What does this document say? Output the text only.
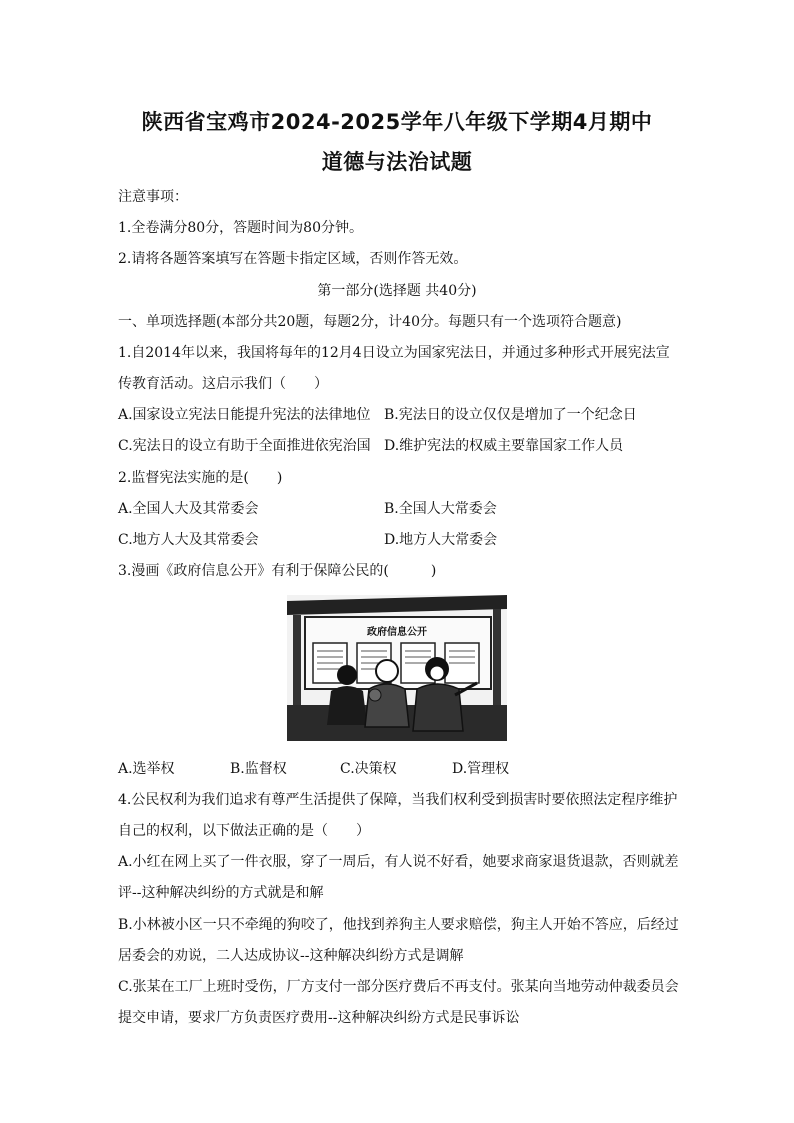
陕西省宝鸡市2024-2025学年八年级下学期4月期中
道德与法治试题
注意事项：
1.全卷满分80分，答题时间为80分钟。
2.请将各题答案填写在答题卡指定区域，否则作答无效。
第一部分(选择题 共40分)
一、单项选择题(本部分共20题，每题2分，计40分。每题只有一个选项符合题意)
1.自2014年以来，我国将每年的12月4日设立为国家宪法日，并通过多种形式开展宪法宣
传教育活动。这启示我们（　　）
A.国家设立宪法日能提升宪法的法律地位 B.宪法日的设立仅仅是增加了一个纪念日
C.宪法日的设立有助于全面推进依宪治国 D.维护宪法的权威主要靠国家工作人员
2.监督宪法实施的是(　　)
A.全国人大及其常委会	B.全国人大常委会
C.地方人大及其常委会	D.地方人大常委会
3.漫画《政府信息公开》有利于保障公民的(　　　)
政府信息公开
A.选举权	B.监督权	C.决策权	D.管理权
4.公民权利为我们追求有尊严生活提供了保障，当我们权利受到损害时要依照法定程序维护
自己的权利，以下做法正确的是（　　）
A.小红在网上买了一件衣服，穿了一周后，有人说不好看，她要求商家退货退款，否则就差
评--这种解决纠纷的方式就是和解
B.小林被小区一只不牵绳的狗咬了，他找到养狗主人要求赔偿，狗主人开始不答应，后经过
居委会的劝说，二人达成协议--这种解决纠纷方式是调解
C.张某在工厂上班时受伤，厂方支付一部分医疗费后不再支付。张某向当地劳动仲裁委员会
提交申请，要求厂方负责医疗费用--这种解决纠纷方式是民事诉讼
